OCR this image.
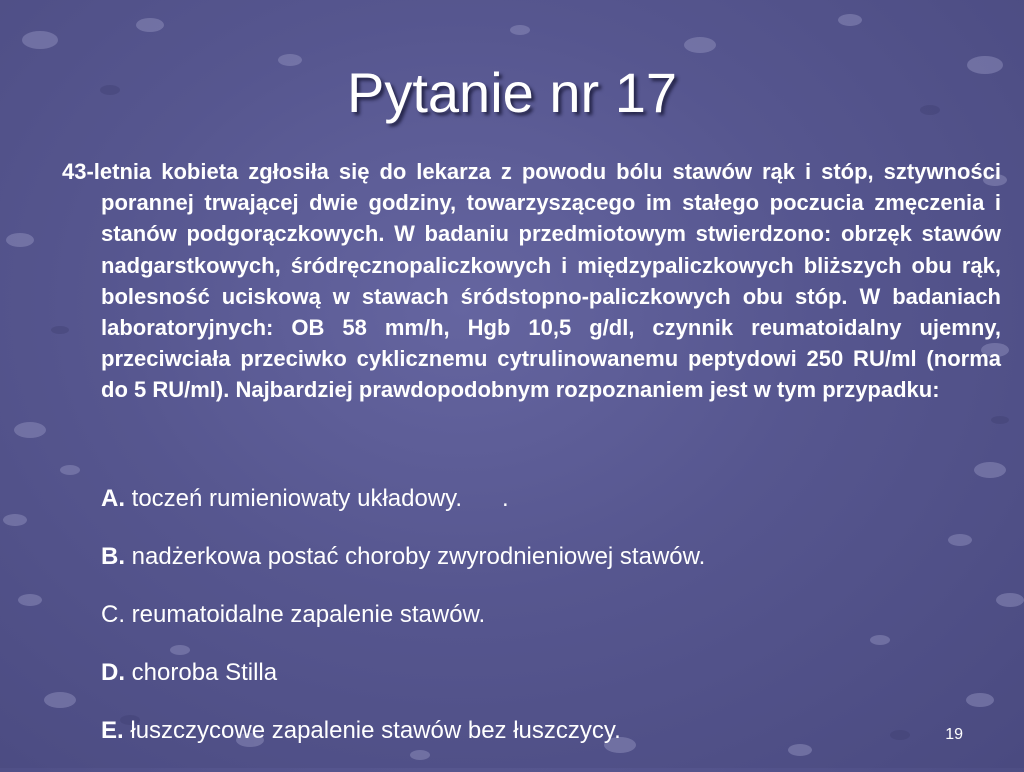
Pytanie nr 17
43-letnia kobieta zgłosiła się do lekarza z powodu bólu stawów rąk i stóp, sztywności porannej trwającej dwie godziny, towarzyszącego im stałego poczucia zmęczenia i stanów podgorączkowych. W badaniu przedmiotowym stwierdzono: obrzęk stawów nadgarstkowych, śródręcznopaliczkowych i międzypaliczkowych bliższych obu rąk, bolesność uciskową w stawach śródstopno-paliczkowych obu stóp. W badaniach laboratoryjnych: OB 58 mm/h, Hgb 10,5 g/dl, czynnik reumatoidalny ujemny, przeciwciała przeciwko cyklicznemu cytrulinowanemu peptydowi 250 RU/ml (norma do 5 RU/ml). Najbardziej prawdopodobnym rozpoznaniem jest w tym przypadku:
A. toczeń rumieniowaty układowy.      .
B. nadżerkowa postać choroby zwyrodnieniowej stawów.
C. reumatoidalne zapalenie stawów.
D. choroba Stilla
E. łuszczycowe zapalenie stawów bez łuszczycy.	19
